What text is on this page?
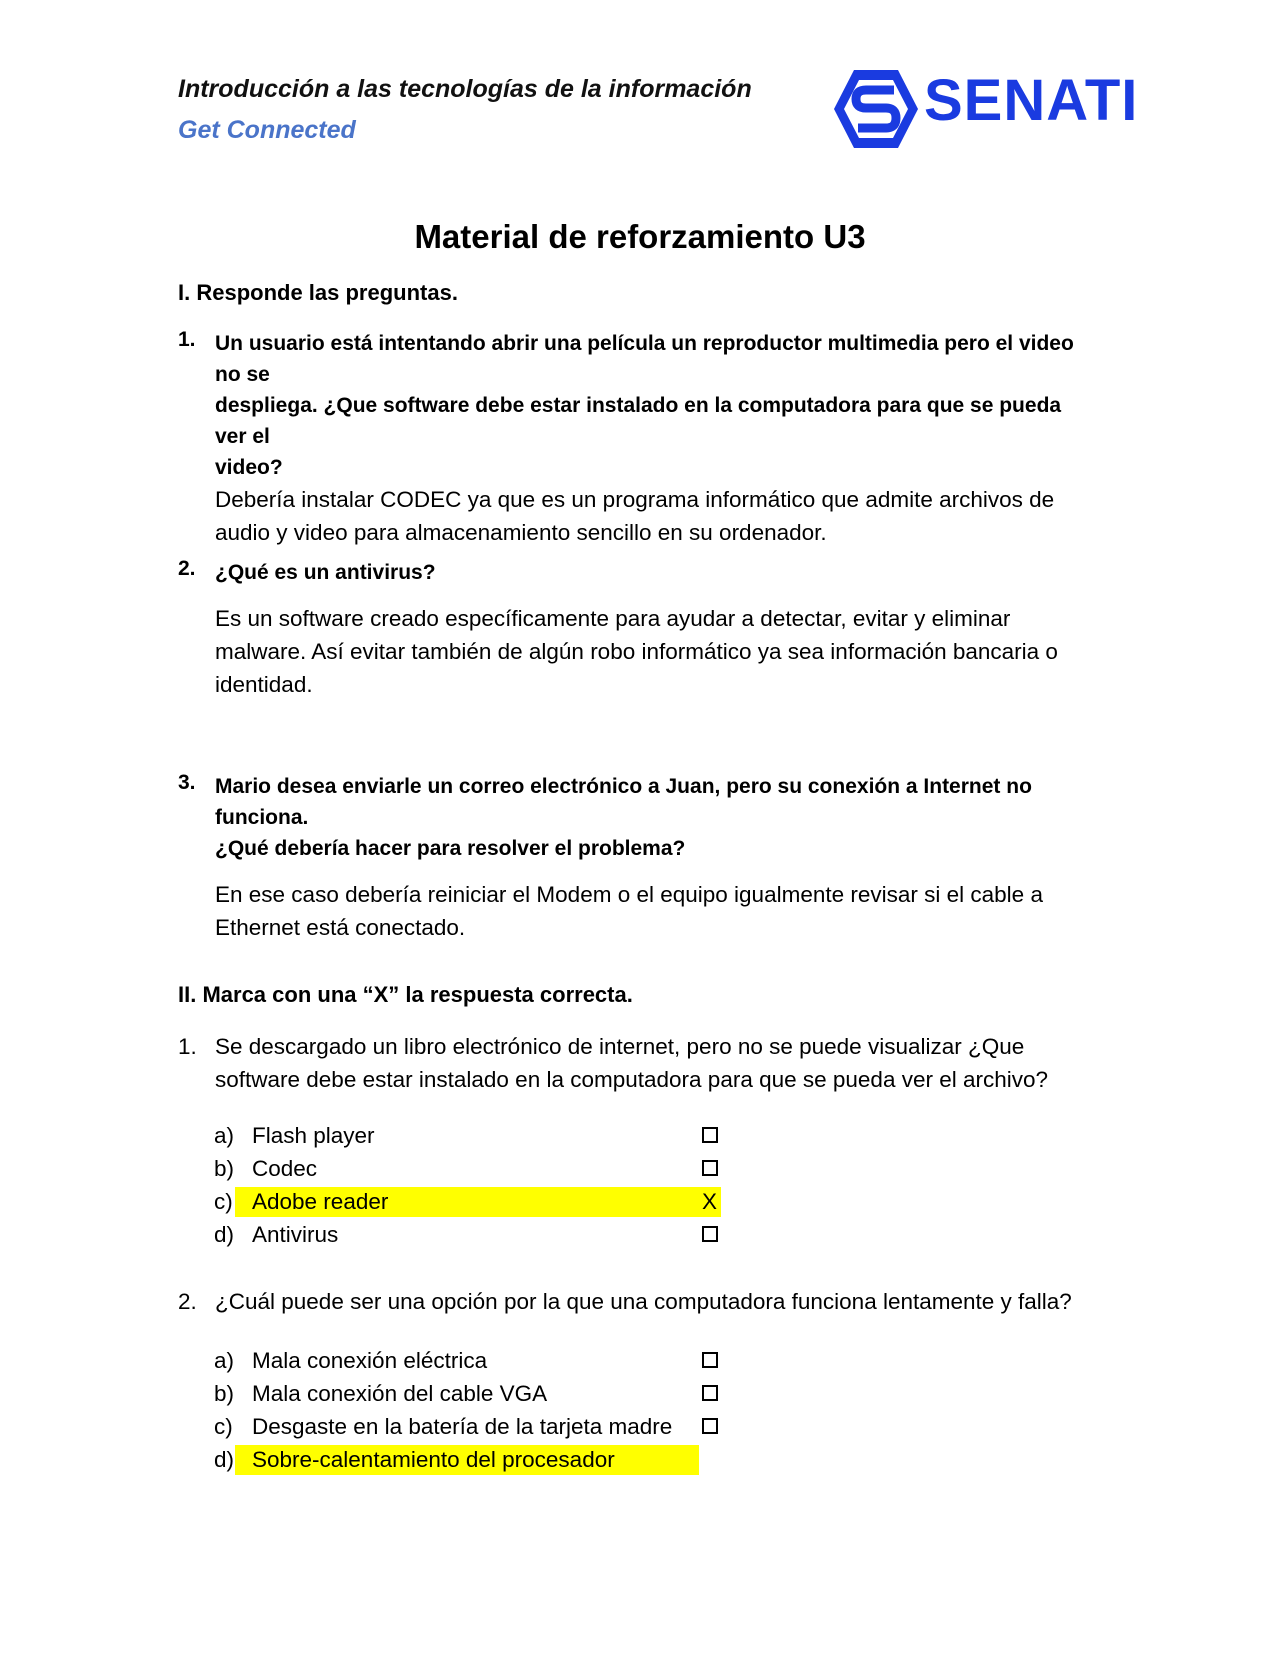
Introducción a las tecnologías de la información
Get Connected	SENATI
Material de reforzamiento U3
I. Responde las preguntas.
1. Un usuario está intentando abrir una película un reproductor multimedia pero el video no se
despliega. ¿Que software debe estar instalado en la computadora para que se pueda ver el
video?
Debería instalar CODEC ya que es un programa informático que admite archivos de
audio y video para almacenamiento sencillo en su ordenador.
2. ¿Qué es un antivirus?
Es un software creado específicamente para ayudar a detectar, evitar y eliminar
malware. Así evitar también de algún robo informático ya sea información bancaria o
identidad.
3. Mario desea enviarle un correo electrónico a Juan, pero su conexión a Internet no funciona.
¿Qué debería hacer para resolver el problema?
En ese caso debería reiniciar el Modem o el equipo igualmente revisar si el cable a
Ethernet está conectado.
II. Marca con una “X” la respuesta correcta.
1. Se descargado un libro electrónico de internet, pero no se puede visualizar ¿Que
software debe estar instalado en la computadora para que se pueda ver el archivo?
a) Flash player
b) Codec
c) Adobe reader	X
d) Antivirus
2. ¿Cuál puede ser una opción por la que una computadora funciona lentamente y falla?
a) Mala conexión eléctrica
b) Mala conexión del cable VGA
c) Desgaste en la batería de la tarjeta madre
d) Sobre-calentamiento del procesador
